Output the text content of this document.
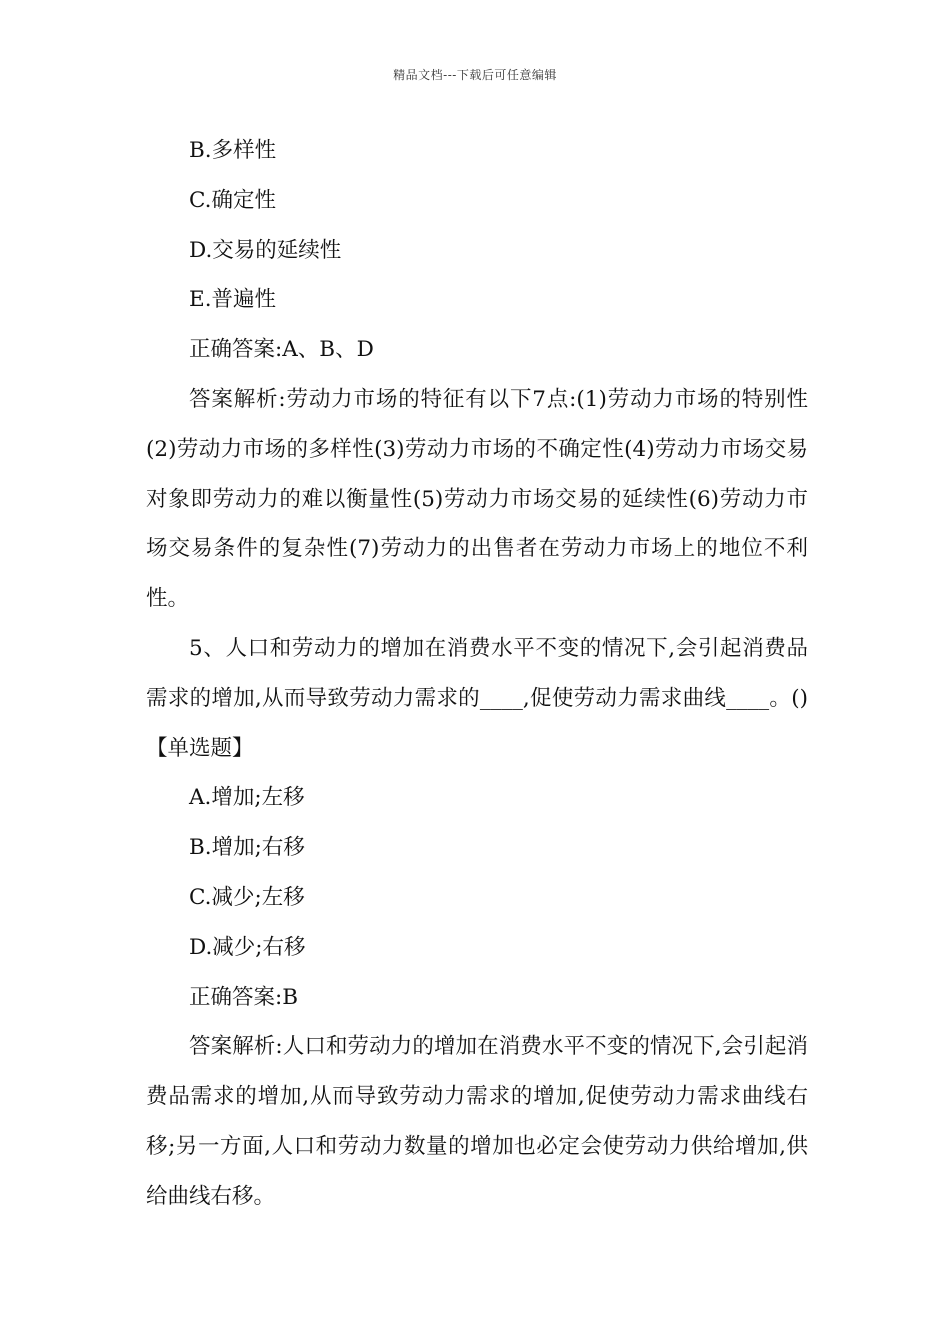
精品文档---下载后可任意编辑

B.多样性

C.确定性

D.交易的延续性

E.普遍性

正确答案:A、B、D

答案解析:劳动力市场的特征有以下7点:(1)劳动力市场的特别性(2)劳动力市场的多样性(3)劳动力市场的不确定性(4)劳动力市场交易对象即劳动力的难以衡量性(5)劳动力市场交易的延续性(6)劳动力市场交易条件的复杂性(7)劳动力的出售者在劳动力市场上的地位不利性。

5、人口和劳动力的增加在消费水平不变的情况下,会引起消费品需求的增加,从而导致劳动力需求的____,促使劳动力需求曲线____。()【单选题】

A.增加;左移

B.增加;右移

C.减少;左移

D.减少;右移

正确答案:B

答案解析:人口和劳动力的增加在消费水平不变的情况下,会引起消费品需求的增加,从而导致劳动力需求的增加,促使劳动力需求曲线右移;另一方面,人口和劳动力数量的增加也必定会使劳动力供给增加,供给曲线右移。
